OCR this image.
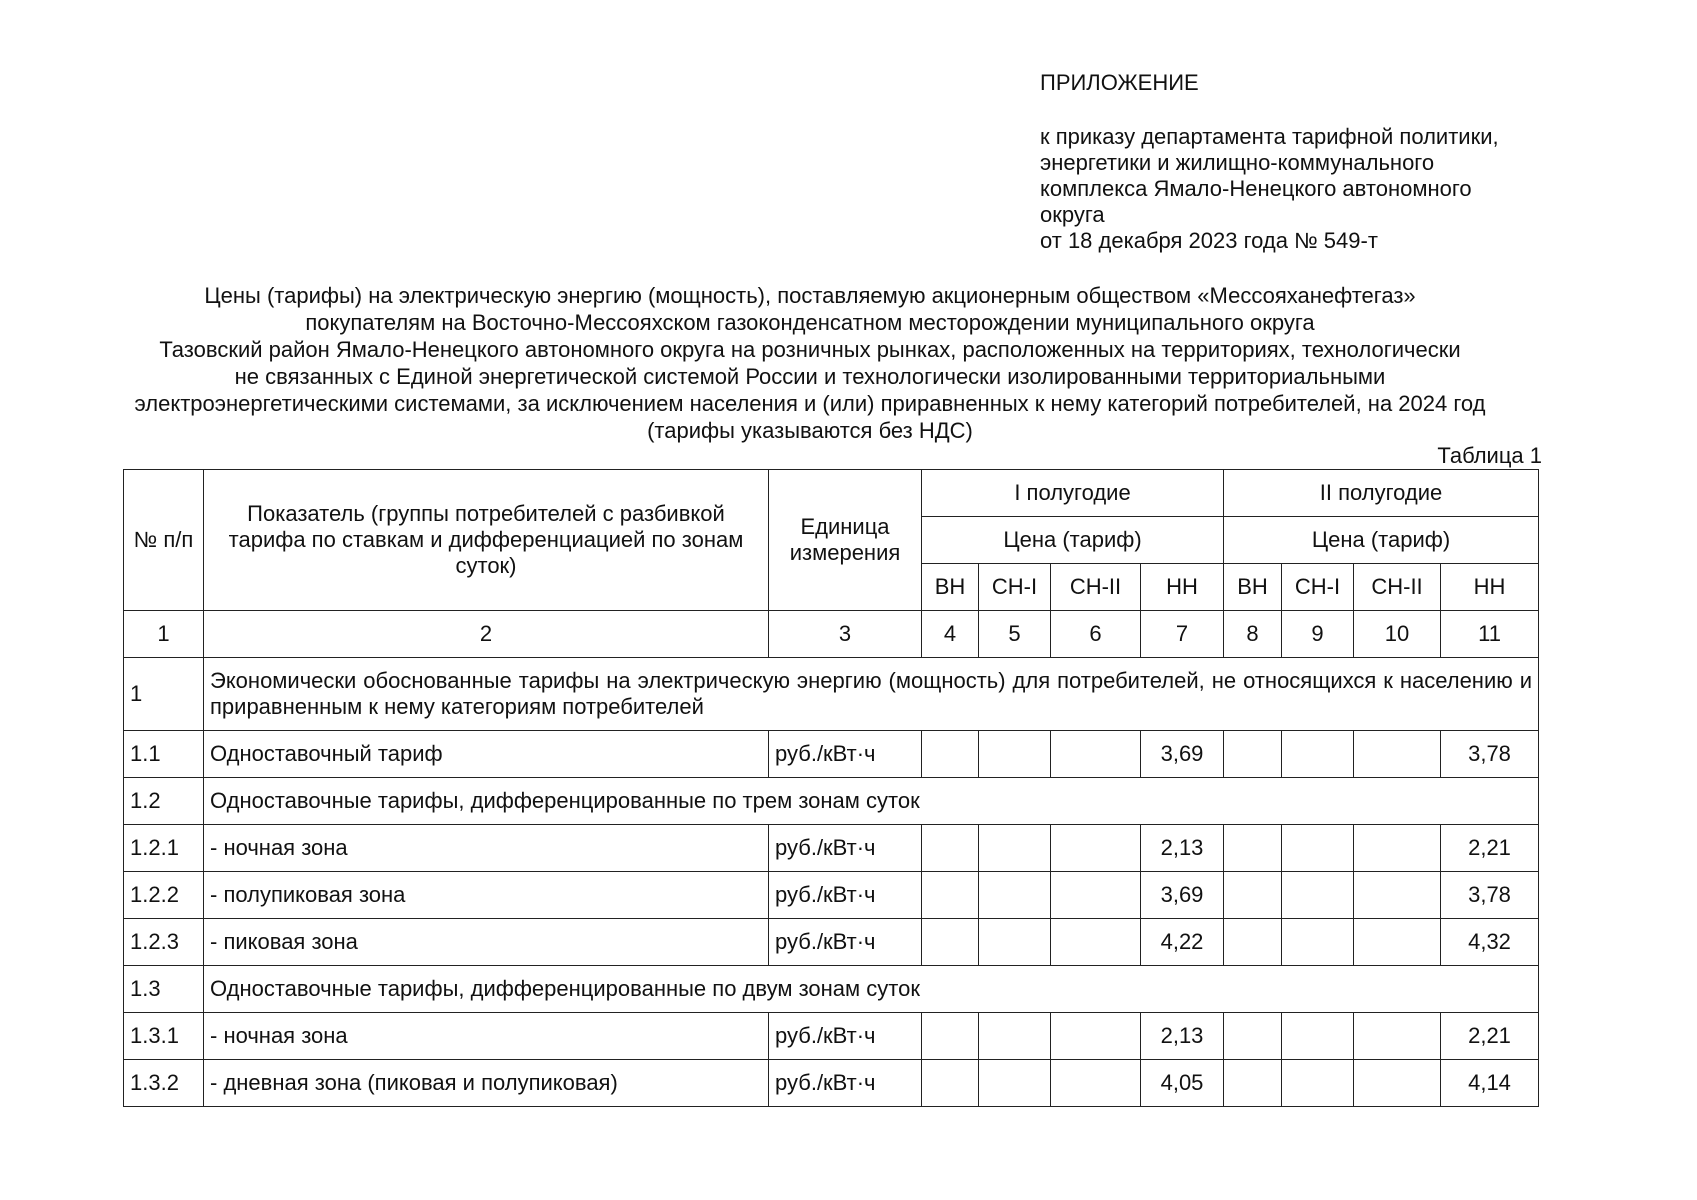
ПРИЛОЖЕНИЕ
к приказу департамента тарифной политики,
энергетики и жилищно-коммунального
комплекса Ямало-Ненецкого автономного
округа
от 18 декабря 2023 года № 549-т
Цены (тарифы) на электрическую энергию (мощность), поставляемую акционерным обществом «Мессояханефтегаз»
покупателям на Восточно-Мессояхском газоконденсатном месторождении муниципального округа
Тазовский район Ямало-Ненецкого автономного округа на розничных рынках, расположенных на территориях, технологически
не связанных с Единой энергетической системой России и технологически изолированными территориальными
электроэнергетическими системами, за исключением населения и (или) приравненных к нему категорий потребителей, на 2024 год
(тарифы указываются без НДС)
Таблица 1
№ п/п	Показатель (группы потребителей с разбивкой тарифа по ставкам и дифференциацией по зонам суток)	Единица измерения	I полугодие				II полугодие			
			Цена (тариф)				Цена (тариф)			
			ВН	СН-I	СН-II	НН	ВН	СН-I	СН-II	НН
1	2	3	4	5	6	7	8	9	10	11
1	Экономически обоснованные тарифы на электрическую энергию (мощность) для потребителей, не относящихся к населению и приравненным к нему категориям потребителей									
1.1	Одноставочный тариф	руб./кВт·ч				3,69				3,78
1.2	Одноставочные тарифы, дифференцированные по трем зонам суток									
1.2.1	- ночная зона	руб./кВт·ч				2,13				2,21
1.2.2	- полупиковая зона	руб./кВт·ч				3,69				3,78
1.2.3	- пиковая зона	руб./кВт·ч				4,22				4,32
1.3	Одноставочные тарифы, дифференцированные по двум зонам суток									
1.3.1	- ночная зона	руб./кВт·ч				2,13				2,21
1.3.2	- дневная зона (пиковая и полупиковая)	руб./кВт·ч				4,05				4,14
